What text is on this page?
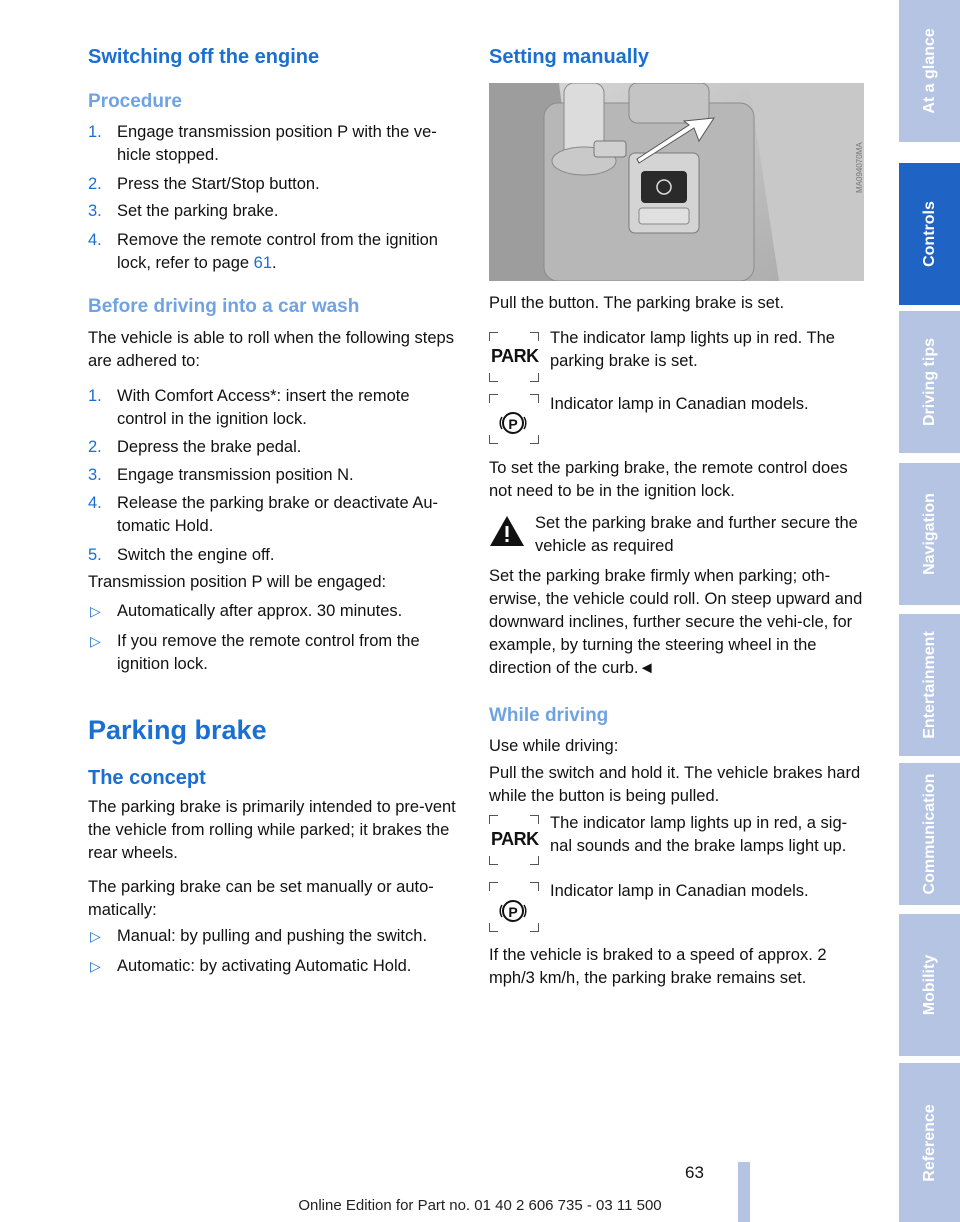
Switching off the engine
Procedure
1. Engage transmission position P with the ve-hicle stopped.
2. Press the Start/Stop button.
3. Set the parking brake.
4. Remove the remote control from the ignition lock, refer to page 61.
Before driving into a car wash
The vehicle is able to roll when the following steps are adhered to:
1. With Comfort Access*: insert the remote control in the ignition lock.
2. Depress the brake pedal.
3. Engage transmission position N.
4. Release the parking brake or deactivate Au-tomatic Hold.
5. Switch the engine off.
Transmission position P will be engaged:
▷ Automatically after approx. 30 minutes.
▷ If you remove the remote control from the ignition lock.
Parking brake
The concept
The parking brake is primarily intended to pre-vent the vehicle from rolling while parked; it brakes the rear wheels.
The parking brake can be set manually or auto-matically:
▷ Manual: by pulling and pushing the switch.
▷ Automatic: by activating Automatic Hold.
Setting manually
MA094070MA
Pull the button. The parking brake is set.
PARK
The indicator lamp lights up in red. The parking brake is set.
P
Indicator lamp in Canadian models.
To set the parking brake, the remote control does not need to be in the ignition lock.
Set the parking brake and further secure the vehicle as required
Set the parking brake firmly when parking; oth-erwise, the vehicle could roll. On steep upward and downward inclines, further secure the vehi-cle, for example, by turning the steering wheel in the direction of the curb.◄
While driving
Use while driving:
Pull the switch and hold it. The vehicle brakes hard while the button is being pulled.
PARK
The indicator lamp lights up in red, a sig-nal sounds and the brake lamps light up.
P
Indicator lamp in Canadian models.
If the vehicle is braked to a speed of approx. 2 mph/3 km/h, the parking brake remains set.
At a glance
Controls
Driving tips
Navigation
Entertainment
Communication
Mobility
Reference
63
Online Edition for Part no. 01 40 2 606 735 - 03 11 500
